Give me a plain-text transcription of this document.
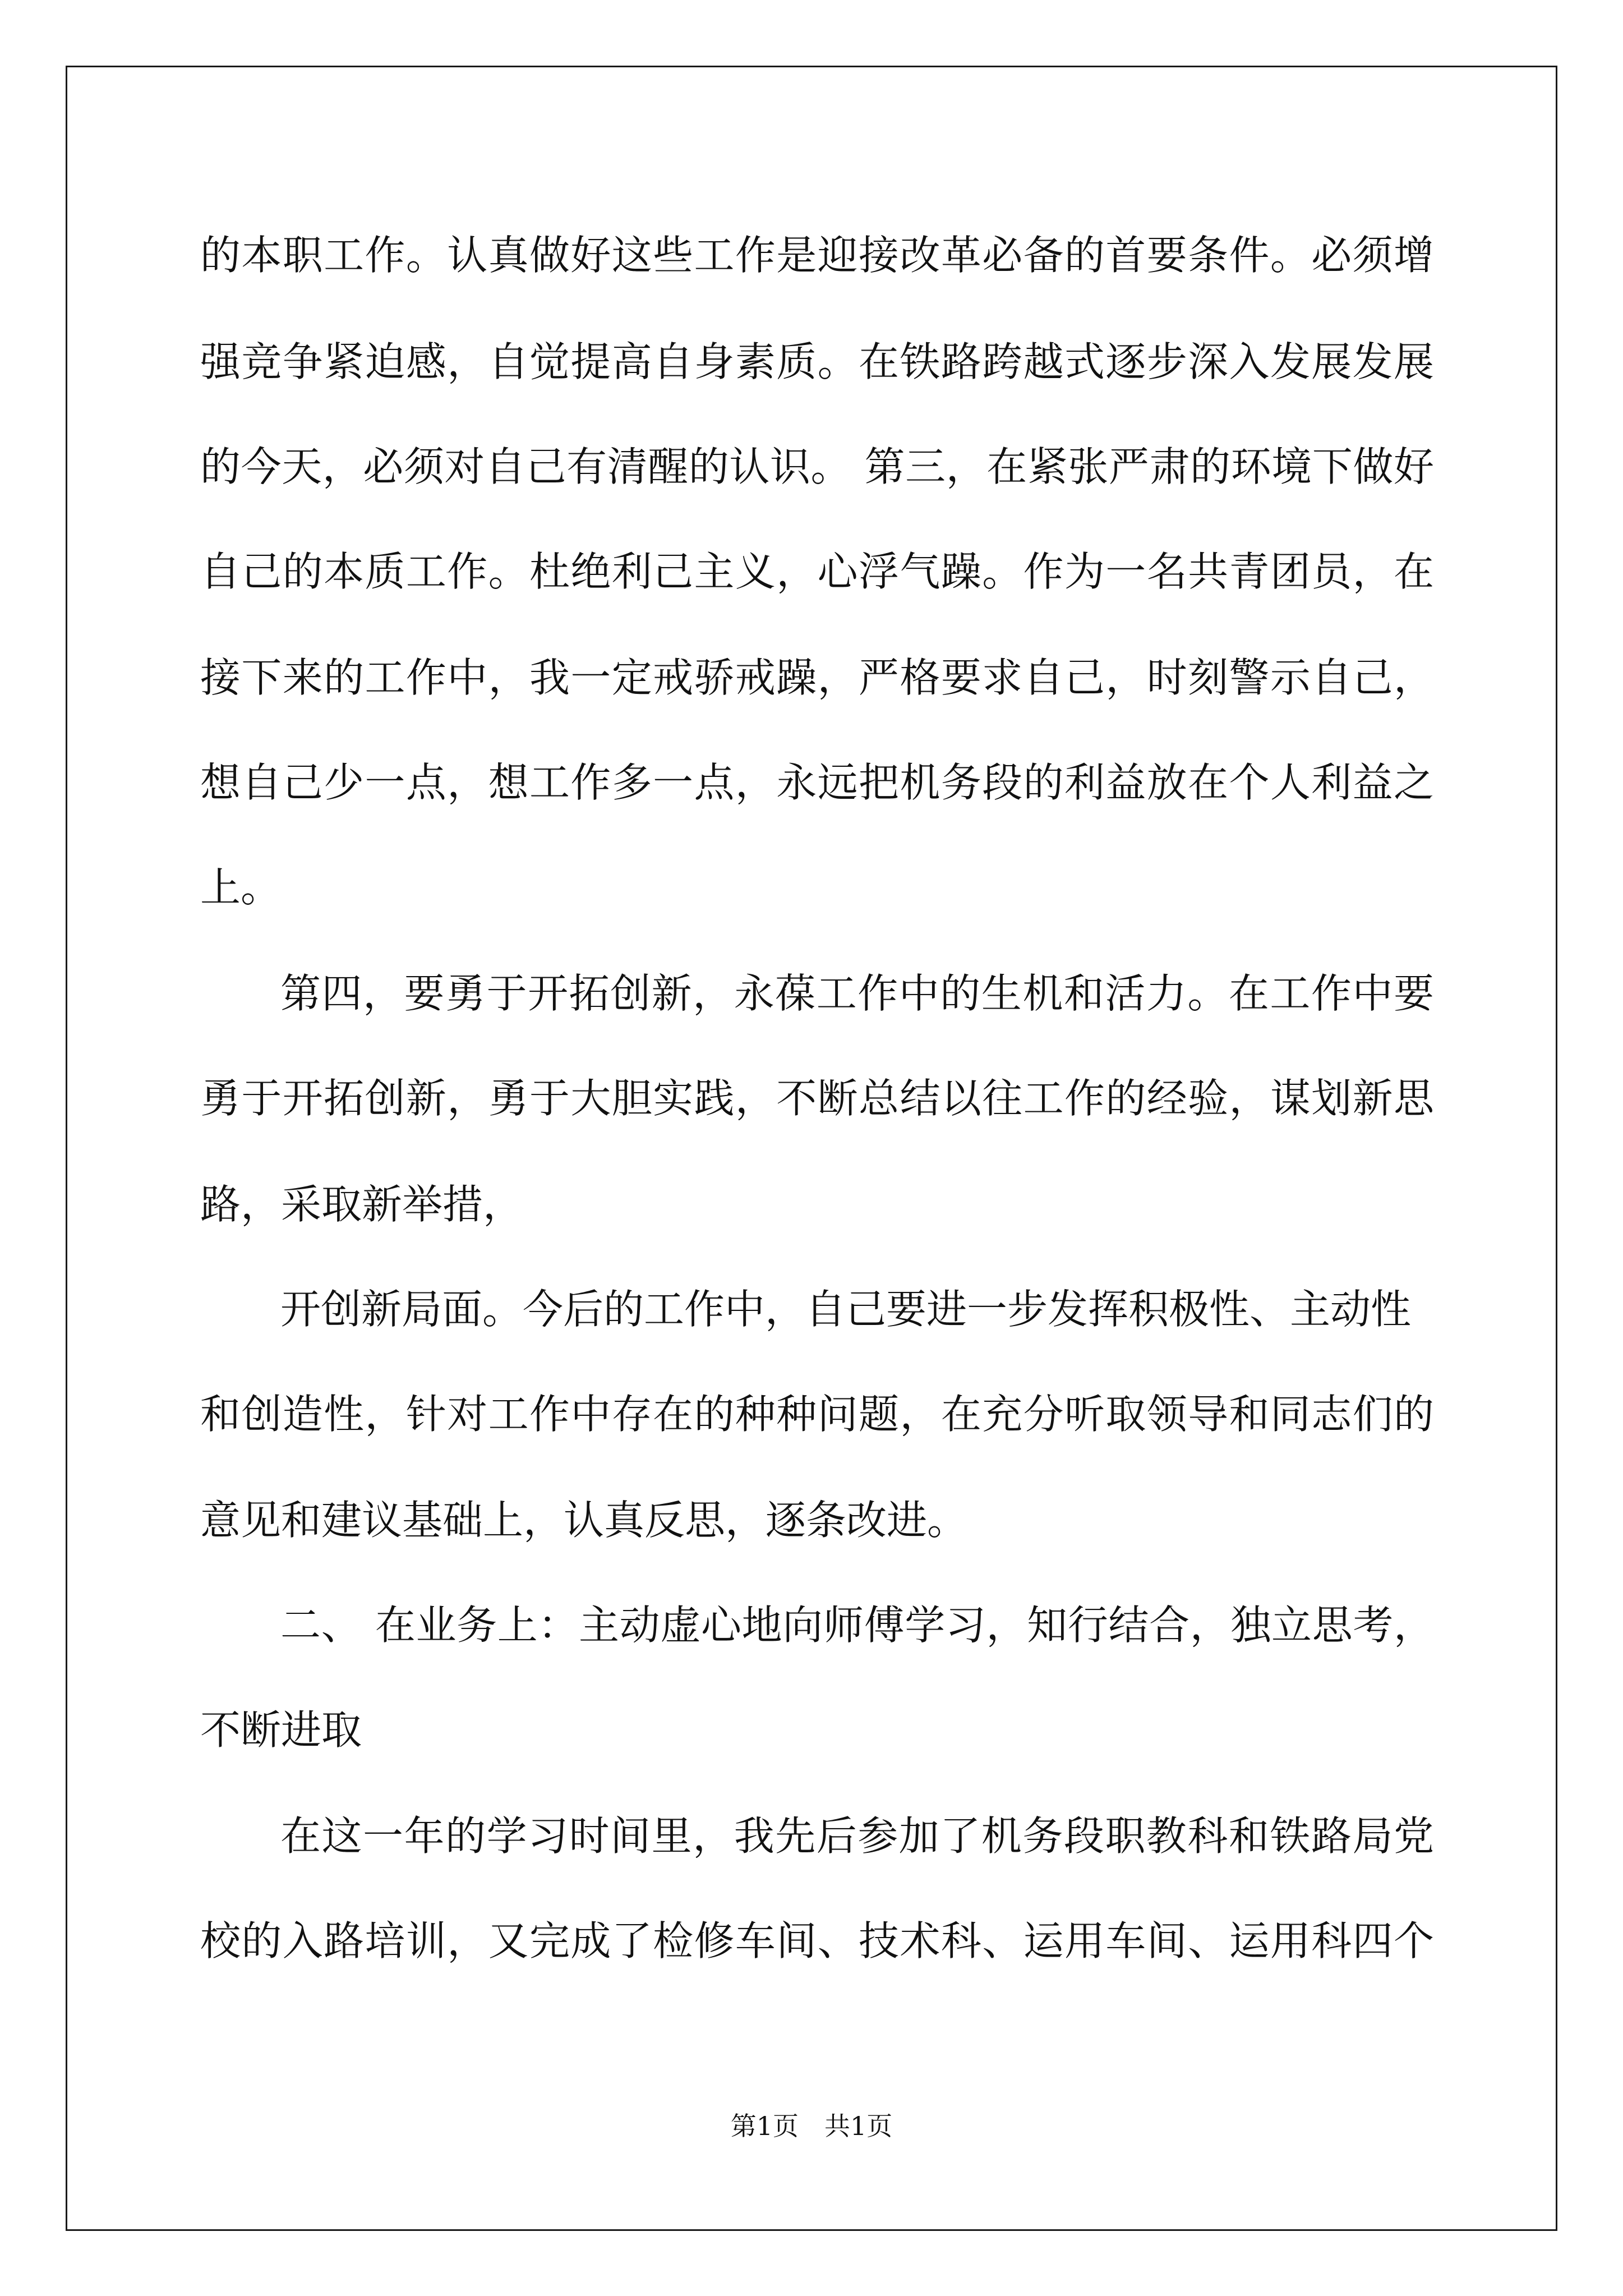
的本职工作。认真做好这些工作是迎接改革必备的首要条件。必须增
强竞争紧迫感，自觉提高自身素质。在铁路跨越式逐步深入发展发展
的今天，必须对自己有清醒的认识。 第三，在紧张严肃的环境下做好
自己的本质工作。杜绝利己主义，心浮气躁。作为一名共青团员，在
接下来的工作中，我一定戒骄戒躁，严格要求自己，时刻警示自己，
想自己少一点，想工作多一点，永远把机务段的利益放在个人利益之
上。
第四，要勇于开拓创新，永葆工作中的生机和活力。在工作中要
勇于开拓创新，勇于大胆实践，不断总结以往工作的经验，谋划新思
路，采取新举措，
开创新局面。今后的工作中，自己要进一步发挥积极性、主动性
和创造性，针对工作中存在的种种问题，在充分听取领导和同志们的
意见和建议基础上，认真反思，逐条改进。
二、 在业务上：主动虚心地向师傅学习，知行结合，独立思考，
不断进取
在这一年的学习时间里，我先后参加了机务段职教科和铁路局党
校的入路培训，又完成了检修车间、技术科、运用车间、运用科四个
第1页　共1页
